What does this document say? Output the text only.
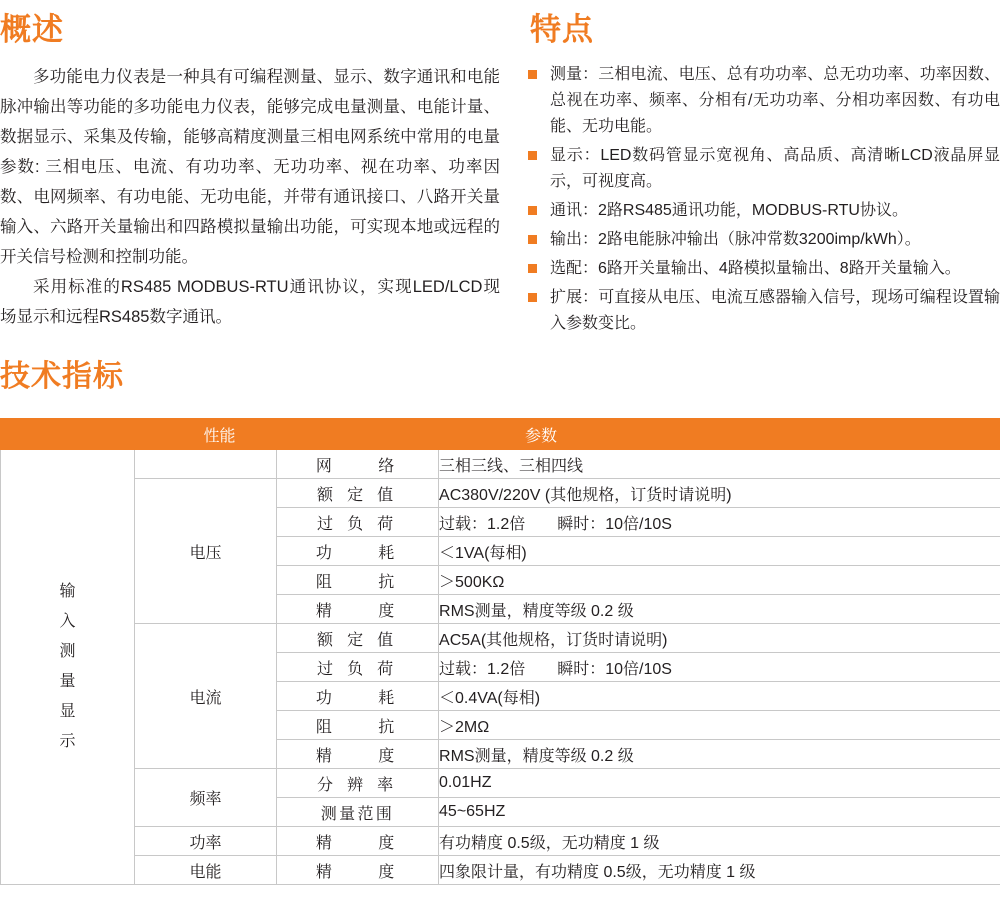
概述

多功能电力仪表是一种具有可编程测量、显示、数字通讯和电能脉冲输出等功能的多功能电力仪表，能够完成电量测量、电能计量、数据显示、采集及传输，能够高精度测量三相电网系统中常用的电量参数: 三相电压、电流、有功功率、无功功率、视在功率、功率因数、电网频率、有功电能、无功电能，并带有通讯接口、八路开关量输入、六路开关量输出和四路模拟量输出功能，可实现本地或远程的开关信号检测和控制功能。

采用标准的RS485 MODBUS-RTU通讯协议，实现LED/LCD现场显示和远程RS485数字通讯。

特点
测量：三相电流、电压、总有功功率、总无功功率、功率因数、总视在功率、频率、分相有/无功功率、分相功率因数、有功电能、无功电能。
显示：LED数码管显示宽视角、高品质、高清晰LCD液晶屏显示，可视度高。
通讯：2路RS485通讯功能，MODBUS-RTU协议。
输出：2路电能脉冲输出（脉冲常数3200imp/kWh）。
选配：6路开关量输出、4路模拟量输出、8路开关量输入。
扩展：可直接从电压、电流互感器输入信号，现场可编程设置输入参数变比。
技术指标
性能			参数
输入测量显示		网　　络	三相三线、三相四线
	电压	额 定 值	AC380V/220V (其他规格，订货时请说明)
		过 负 荷	过载：1.2倍　　瞬时：10倍/10S
		功　　耗	＜1VA(每相)
		阻　　抗	＞500KΩ
		精　　度	RMS测量，精度等级 0.2 级
	电流	额 定 值	AC5A(其他规格，订货时请说明)
		过 负 荷	过载：1.2倍　　瞬时：10倍/10S
		功　　耗	＜0.4VA(每相)
		阻　　抗	＞2MΩ
		精　　度	RMS测量，精度等级 0.2 级
	频率	分 辨 率	0.01HZ
		测量范围	45~65HZ
	功率	精　　度	有功精度 0.5级，无功精度 1 级
	电能	精　　度	四象限计量，有功精度 0.5级，无功精度 1 级
